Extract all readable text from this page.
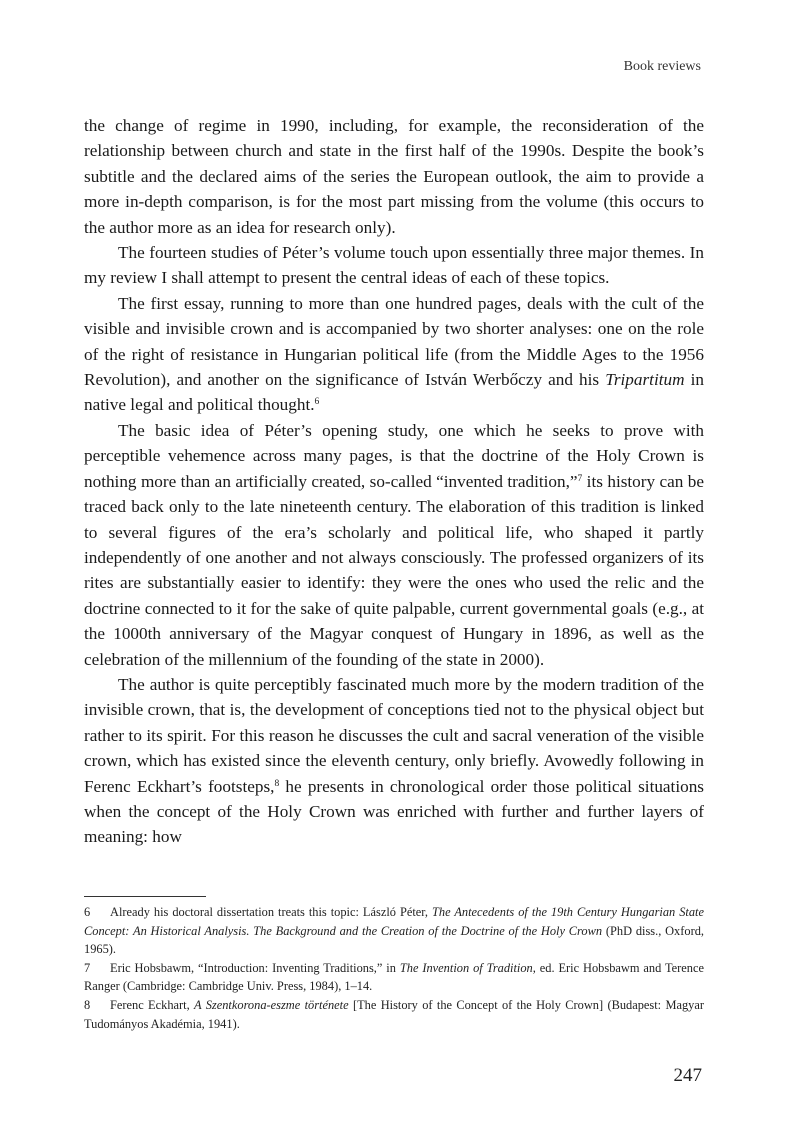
Book reviews

the change of regime in 1990, including, for example, the reconsideration of the relationship between church and state in the first half of the 1990s. Despite the book’s subtitle and the declared aims of the series the European outlook, the aim to provide a more in-depth comparison, is for the most part missing from the volume (this occurs to the author more as an idea for research only).

The fourteen studies of Péter’s volume touch upon essentially three major themes. In my review I shall attempt to present the central ideas of each of these topics.

The first essay, running to more than one hundred pages, deals with the cult of the visible and invisible crown and is accompanied by two shorter analyses: one on the role of the right of resistance in Hungarian political life (from the Middle Ages to the 1956 Revolution), and another on the significance of István Werbőczy and his Tripartitum in native legal and political thought.$^6$

The basic idea of Péter’s opening study, one which he seeks to prove with perceptible vehemence across many pages, is that the doctrine of the Holy Crown is nothing more than an artificially created, so-called “invented tradition,”$^7$ its history can be traced back only to the late nineteenth century. The elaboration of this tradition is linked to several figures of the era’s scholarly and political life, who shaped it partly independently of one another and not always consciously. The professed organizers of its rites are substantially easier to identify: they were the ones who used the relic and the doctrine connected to it for the sake of quite palpable, current governmental goals (e.g., at the 1000th anniversary of the Magyar conquest of Hungary in 1896, as well as the celebration of the millennium of the founding of the state in 2000).

The author is quite perceptibly fascinated much more by the modern tradition of the invisible crown, that is, the development of conceptions tied not to the physical object but rather to its spirit. For this reason he discusses the cult and sacral veneration of the visible crown, which has existed since the eleventh century, only briefly. Avowedly following in Ferenc Eckhart’s footsteps,$^8$ he presents in chronological order those political situations when the concept of the Holy Crown was enriched with further and further layers of meaning: how

6 Already his doctoral dissertation treats this topic: László Péter, The Antecedents of the 19th Century Hungarian State Concept: An Historical Analysis. The Background and the Creation of the Doctrine of the Holy Crown (PhD diss., Oxford, 1965).

7 Eric Hobsbawm, “Introduction: Inventing Traditions,” in The Invention of Tradition, ed. Eric Hobsbawm and Terence Ranger (Cambridge: Cambridge Univ. Press, 1984), 1–14.

8 Ferenc Eckhart, A Szentkorona-eszme története [The History of the Concept of the Holy Crown] (Budapest: Magyar Tudományos Akadémia, 1941).

247
